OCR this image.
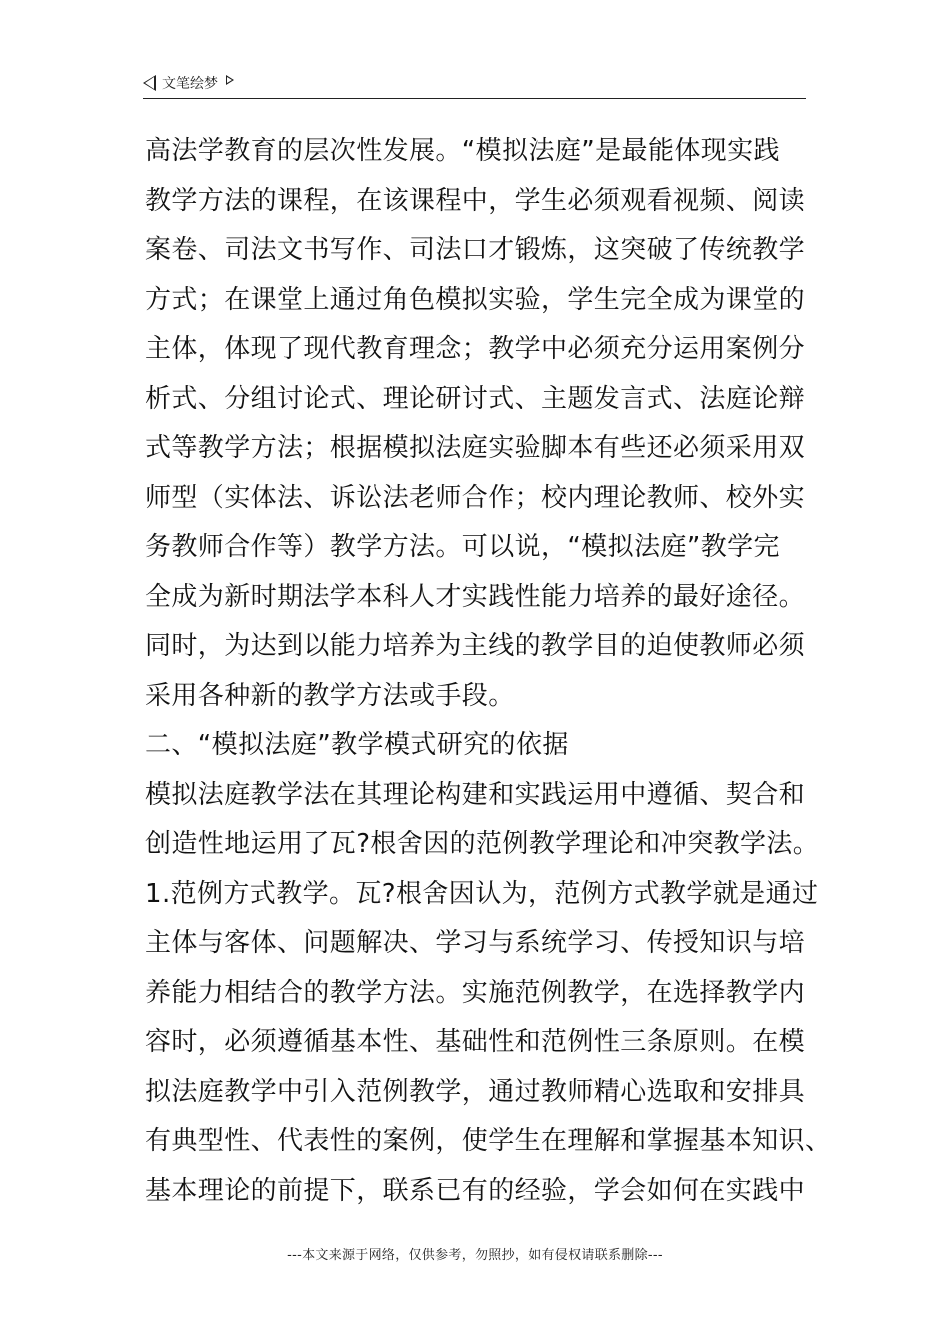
文笔绘梦
高法学教育的层次性发展。“模拟法庭”是最能体现实践
教学方法的课程，在该课程中，学生必须观看视频、阅读
案卷、司法文书写作、司法口才锻炼，这突破了传统教学
方式；在课堂上通过角色模拟实验，学生完全成为课堂的
主体，体现了现代教育理念；教学中必须充分运用案例分
析式、分组讨论式、理论研讨式、主题发言式、法庭论辩
式等教学方法；根据模拟法庭实验脚本有些还必须采用双
师型（实体法、诉讼法老师合作；校内理论教师、校外实
务教师合作等）教学方法。可以说，“模拟法庭”教学完
全成为新时期法学本科人才实践性能力培养的最好途径。
同时，为达到以能力培养为主线的教学目的迫使教师必须
采用各种新的教学方法或手段。
二、“模拟法庭”教学模式研究的依据
模拟法庭教学法在其理论构建和实践运用中遵循、契合和
创造性地运用了瓦?根舍因的范例教学理论和冲突教学法。
1.范例方式教学。瓦?根舍因认为，范例方式教学就是通过
主体与客体、问题解决、学习与系统学习、传授知识与培
养能力相结合的教学方法。实施范例教学，在选择教学内
容时，必须遵循基本性、基础性和范例性三条原则。在模
拟法庭教学中引入范例教学，通过教师精心选取和安排具
有典型性、代表性的案例，使学生在理解和掌握基本知识、
基本理论的前提下，联系已有的经验，学会如何在实践中
---本文来源于网络，仅供参考，勿照抄，如有侵权请联系删除---
